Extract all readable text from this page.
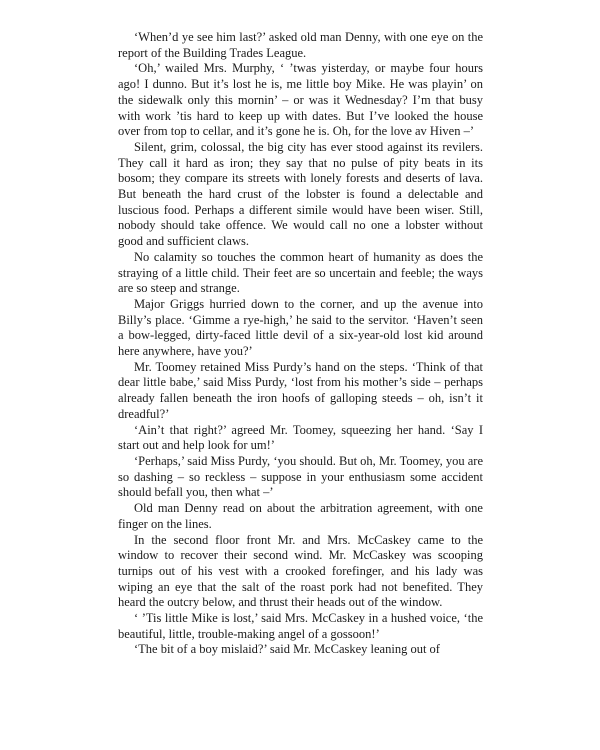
‘When’d ye see him last?’ asked old man Denny, with one eye on the report of the Building Trades League.

‘Oh,’ wailed Mrs. Murphy, ‘ ’twas yisterday, or maybe four hours ago! I dunno. But it’s lost he is, me little boy Mike. He was playin’ on the sidewalk only this mornin’ – or was it Wednesday? I’m that busy with work ’tis hard to keep up with dates. But I’ve looked the house over from top to cellar, and it’s gone he is. Oh, for the love av Hiven –’

Silent, grim, colossal, the big city has ever stood against its revilers. They call it hard as iron; they say that no pulse of pity beats in its bosom; they compare its streets with lonely forests and deserts of lava. But beneath the hard crust of the lobster is found a delectable and luscious food. Perhaps a different simile would have been wiser. Still, nobody should take offence. We would call no one a lobster without good and sufficient claws.

No calamity so touches the common heart of humanity as does the straying of a little child. Their feet are so uncertain and feeble; the ways are so steep and strange.

Major Griggs hurried down to the corner, and up the avenue into Billy’s place. ‘Gimme a rye-high,’ he said to the servitor. ‘Haven’t seen a bow-legged, dirty-faced little devil of a six-year-old lost kid around here anywhere, have you?’

Mr. Toomey retained Miss Purdy’s hand on the steps. ‘Think of that dear little babe,’ said Miss Purdy, ‘lost from his mother’s side – perhaps already fallen beneath the iron hoofs of galloping steeds – oh, isn’t it dreadful?’

‘Ain’t that right?’ agreed Mr. Toomey, squeezing her hand. ‘Say I start out and help look for um!’

‘Perhaps,’ said Miss Purdy, ‘you should. But oh, Mr. Toomey, you are so dashing – so reckless – suppose in your enthusiasm some accident should befall you, then what –’

Old man Denny read on about the arbitration agreement, with one finger on the lines.

In the second floor front Mr. and Mrs. McCaskey came to the window to recover their second wind. Mr. McCaskey was scooping turnips out of his vest with a crooked forefinger, and his lady was wiping an eye that the salt of the roast pork had not benefited. They heard the outcry below, and thrust their heads out of the window.

‘ ’Tis little Mike is lost,’ said Mrs. McCaskey in a hushed voice, ‘the beautiful, little, trouble-making angel of a gossoon!’

‘The bit of a boy mislaid?’ said Mr. McCaskey leaning out of
